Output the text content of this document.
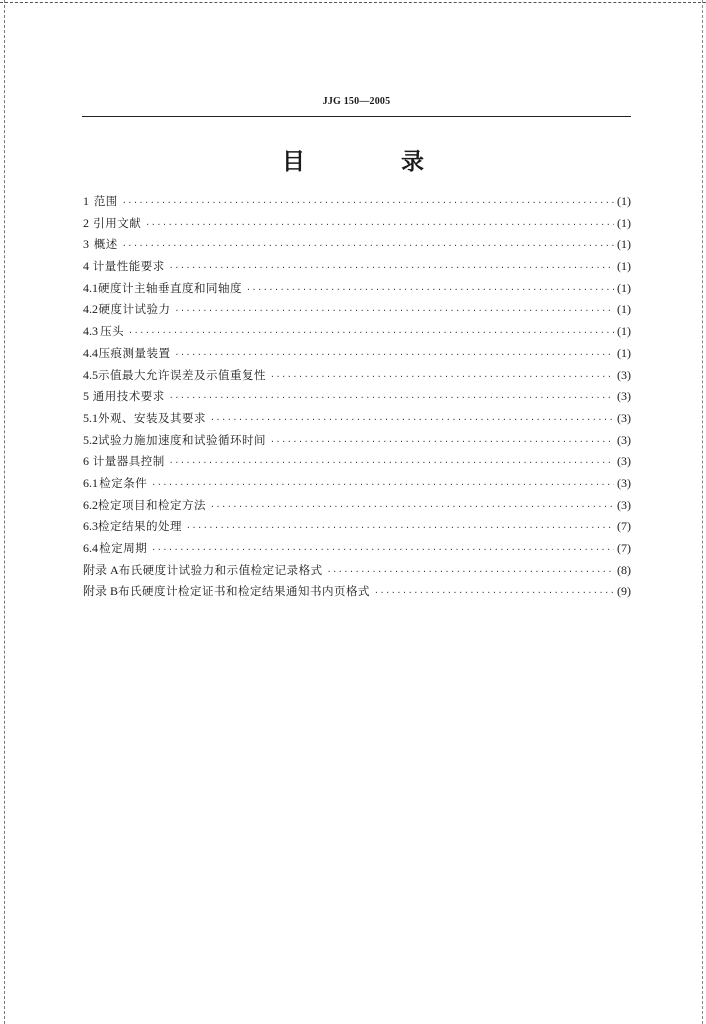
JJG 150—2005
目 录
1 范围 ·····	(1)
2 引用文献 ·····	(1)
3 概述 ·····	(1)
4 计量性能要求 ·····	(1)
4.1 硬度计主轴垂直度和同轴度 ·····	(1)
4.2 硬度计试验力 ·····	(1)
4.3 压头 ·····	(1)
4.4 压痕测量装置 ·····	(1)
4.5 示值最大允许误差及示值重复性 ·····	(3)
5 通用技术要求 ·····	(3)
5.1 外观、安装及其要求 ·····	(3)
5.2 试验力施加速度和试验循环时间 ·····	(3)
6 计量器具控制 ·····	(3)
6.1 检定条件 ·····	(3)
6.2 检定项目和检定方法 ·····	(3)
6.3 检定结果的处理 ·····	(7)
6.4 检定周期 ·····	(7)
附录 A 布氏硬度计试验力和示值检定记录格式 ·····	(8)
附录 B 布氏硬度计检定证书和检定结果通知书内页格式 ·····	(9)
